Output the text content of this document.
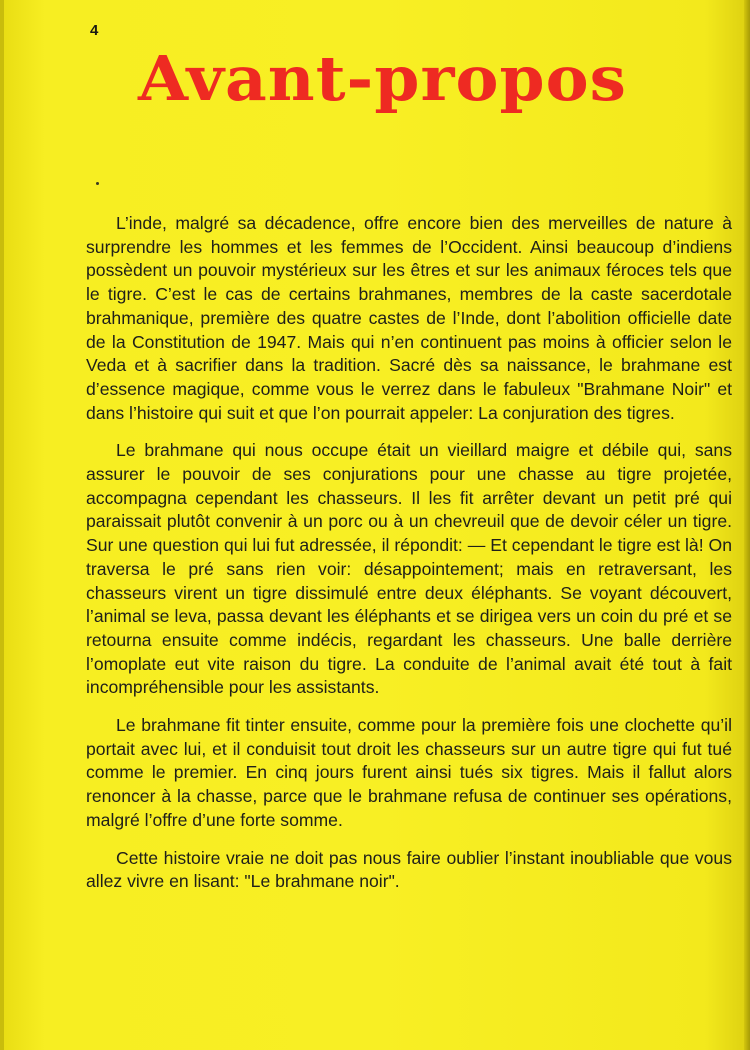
4
Avant-propos

L’inde, malgré sa décadence, offre encore bien des merveilles de nature à surprendre les hommes et les femmes de l’Occident. Ainsi beaucoup d’indiens possèdent un pouvoir mystérieux sur les êtres et sur les animaux féroces tels que le tigre. C’est le cas de certains brahmanes, membres de la caste sacerdotale brahmanique, première des quatre castes de l’Inde, dont l’abolition officielle date de la Constitution de 1947. Mais qui n’en continuent pas moins à officier selon le Veda et à sacrifier dans la tradition. Sacré dès sa naissance, le brahmane est d’essence magique, comme vous le verrez dans le fabuleux "Brahmane Noir" et dans l’histoire qui suit et que l’on pourrait appeler: La conjuration des tigres.

Le brahmane qui nous occupe était un vieillard maigre et débile qui, sans assurer le pouvoir de ses conjurations pour une chasse au tigre projetée, accompagna cependant les chasseurs. Il les fit arrêter devant un petit pré qui paraissait plutôt convenir à un porc ou à un chevreuil que de devoir céler un tigre. Sur une question qui lui fut adressée, il répondit: — Et cependant le tigre est là! On traversa le pré sans rien voir: désappointement; mais en retraversant, les chasseurs virent un tigre dissimulé entre deux éléphants. Se voyant découvert, l’animal se leva, passa devant les éléphants et se dirigea vers un coin du pré et se retourna ensuite comme indécis, regardant les chasseurs. Une balle derrière l’omoplate eut vite raison du tigre. La conduite de l’animal avait été tout à fait incompréhensible pour les assistants.

Le brahmane fit tinter ensuite, comme pour la première fois une clochette qu’il portait avec lui, et il conduisit tout droit les chasseurs sur un autre tigre qui fut tué comme le premier. En cinq jours furent ainsi tués six tigres. Mais il fallut alors renoncer à la chasse, parce que le brahmane refusa de continuer ses opérations, malgré l’offre d’une forte somme.

Cette histoire vraie ne doit pas nous faire oublier l’instant inoubliable que vous allez vivre en lisant: "Le brahmane noir".
